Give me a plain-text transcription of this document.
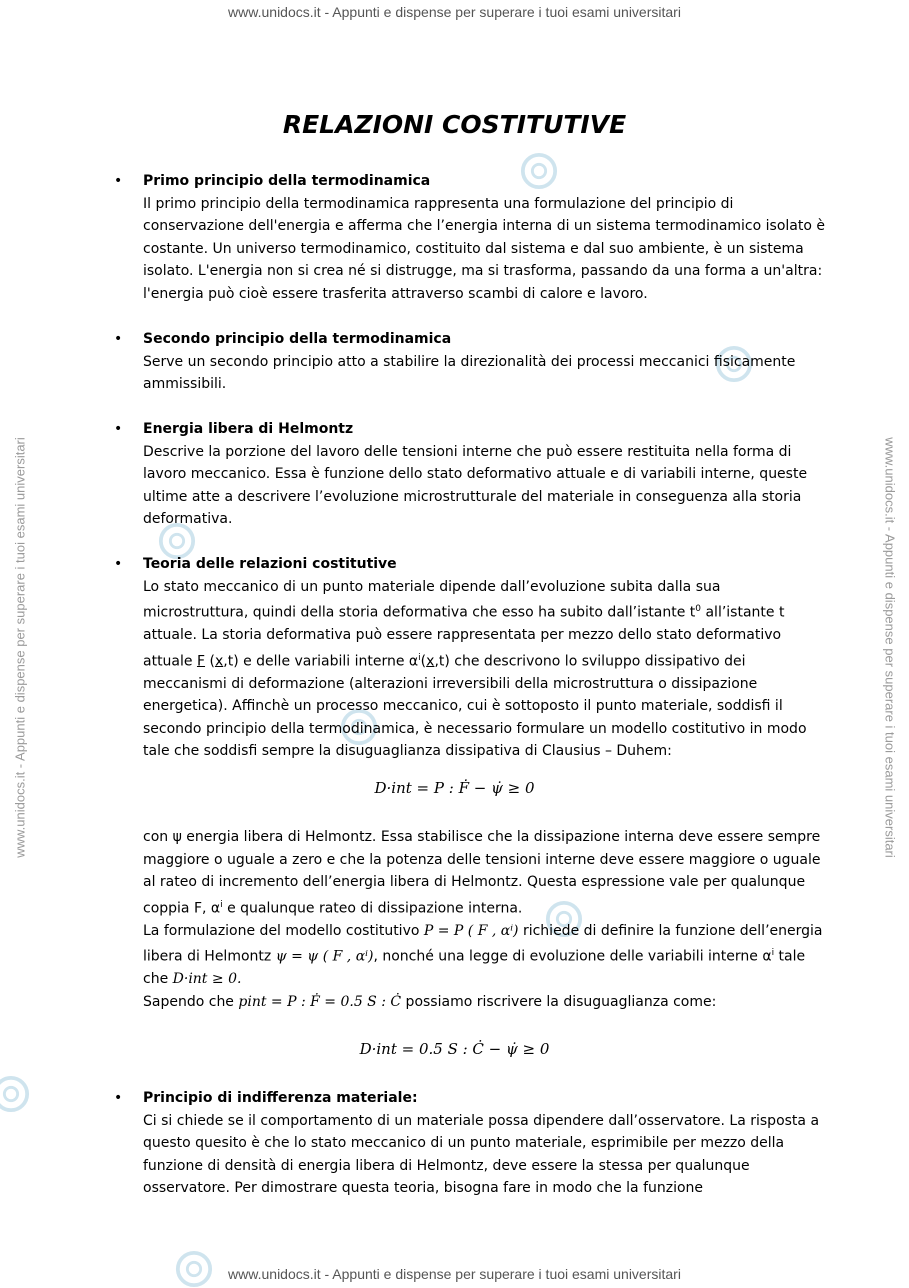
www.unidocs.it - Appunti e dispense per superare i tuoi esami universitari
www.unidocs.it - Appunti e dispense per superare i tuoi esami universitari
www.unidocs.it - Appunti e dispense per superare i tuoi esami universitari	www.unidocs.it - Appunti e dispense per superare i tuoi esami universitari
RELAZIONI COSTITUTIVE
• Primo principio della termodinamica

Il primo principio della termodinamica rappresenta una formulazione del principio di conservazione dell'energia e afferma che l’energia interna di un sistema termodinamico isolato è costante. Un universo termodinamico, costituito dal sistema e dal suo ambiente, è un sistema isolato. L'energia non si crea né si distrugge, ma si trasforma, passando da una forma a un'altra: l'energia può cioè essere trasferita attraverso scambi di calore e lavoro.

• Secondo principio della termodinamica

Serve un secondo principio atto a stabilire la direzionalità dei processi meccanici fisicamente ammissibili.

• Energia libera di Helmontz

Descrive la porzione del lavoro delle tensioni interne che può essere restituita nella forma di lavoro meccanico. Essa è funzione dello stato deformativo attuale e di variabili interne, queste ultime atte a descrivere l’evoluzione microstrutturale del materiale in conseguenza alla storia deformativa.

• Teoria delle relazioni costitutive

Lo stato meccanico di un punto materiale dipende dall’evoluzione subita dalla sua microstruttura, quindi della storia deformativa che esso ha subito dall’istante $t^0$ all’istante t attuale. La storia deformativa può essere rappresentata per mezzo dello stato deformativo attuale F (x,t) e delle variabili interne $\alpha^i(x,t)$ che descrivono lo sviluppo dissipativo dei meccanismi di deformazione (alterazioni irreversibili della microstruttura o dissipazione energetica). Affinchè un processo meccanico, cui è sottoposto il punto materiale, soddisfi il secondo principio della termodinamica, è necessario formulare un modello costitutivo in modo tale che soddisfi sempre la disuguaglianza dissipativa di Clausius – Duhem:

D·int = P : Ḟ − ψ̇ ≥ 0

con ψ energia libera di Helmontz. Essa stabilisce che la dissipazione interna deve essere sempre maggiore o uguale a zero e che la potenza delle tensioni interne deve essere maggiore o uguale al rateo di incremento dell’energia libera di Helmontz. Questa espressione vale per qualunque coppia F, $\alpha^i$ e qualunque rateo di dissipazione interna.

La formulazione del modello costitutivo P = P ( F , αⁱ) richiede di definire la funzione dell’energia libera di Helmontz ψ = ψ ( F , αⁱ), nonché una legge di evoluzione delle variabili interne $\alpha^i$ tale che D·int ≥ 0.

Sapendo che pint = P : Ḟ = 0.5 S : Ċ possiamo riscrivere la disuguaglianza come:

D·int = 0.5 S : Ċ − ψ̇ ≥ 0
• Principio di indifferenza materiale:

Ci si chiede se il comportamento di un materiale possa dipendere dall’osservatore. La risposta a questo quesito è che lo stato meccanico di un punto materiale, esprimibile per mezzo della funzione di densità di energia libera di Helmontz, deve essere la stessa per qualunque osservatore. Per dimostrare questa teoria, bisogna fare in modo che la funzione
